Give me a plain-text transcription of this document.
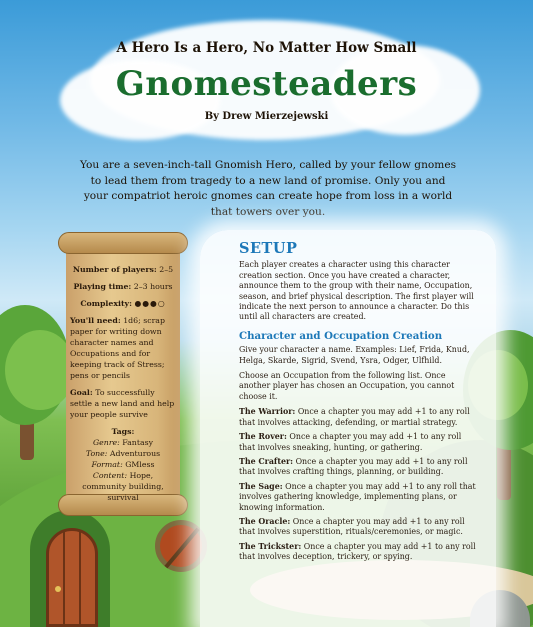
A Hero Is a Hero, No Matter How Small
Gnomesteaders
By Drew Mierzejewski
You are a seven-inch-tall Gnomish Hero, called by your fellow gnomes to lead them from tragedy to a new land of promise. Only you and your compatriot heroic gnomes can create hope from loss in a world that towers over you.
Number of players: 2–5
Playing time: 2–3 hours
Complexity: ●●●○
You'll need: 1d6; scrap paper for writing down character names and Occupations and for keeping track of Stress; pens or pencils
Goal: To successfully settle a new land and help your people survive
Tags:
Genre: Fantasy
Tone: Adventurous
Format: GMless
Content: Hope, community building, survival
SETUP

Each player creates a character using this character creation section. Once you have created a character, announce them to the group with their name, Occupation, season, and brief physical description. The first player will indicate the next person to announce a character. Do this until all characters are created.

Character and Occupation Creation

Give your character a name. Examples: Lief, Frida, Knud, Helga, Skarde, Sigrid, Svend, Ysra, Odger, Ulfhild.

Choose an Occupation from the following list. Once another player has chosen an Occupation, you cannot choose it.

The Warrior: Once a chapter you may add +1 to any roll that involves attacking, defending, or martial strategy.

The Rover: Once a chapter you may add +1 to any roll that involves sneaking, hunting, or gathering.

The Crafter: Once a chapter you may add +1 to any roll that involves crafting things, planning, or building.

The Sage: Once a chapter you may add +1 to any roll that involves gathering knowledge, implementing plans, or knowing information.

The Oracle: Once a chapter you may add +1 to any roll that involves superstition, rituals/ceremonies, or magic.

The Trickster: Once a chapter you may add +1 to any roll that involves deception, trickery, or spying.
